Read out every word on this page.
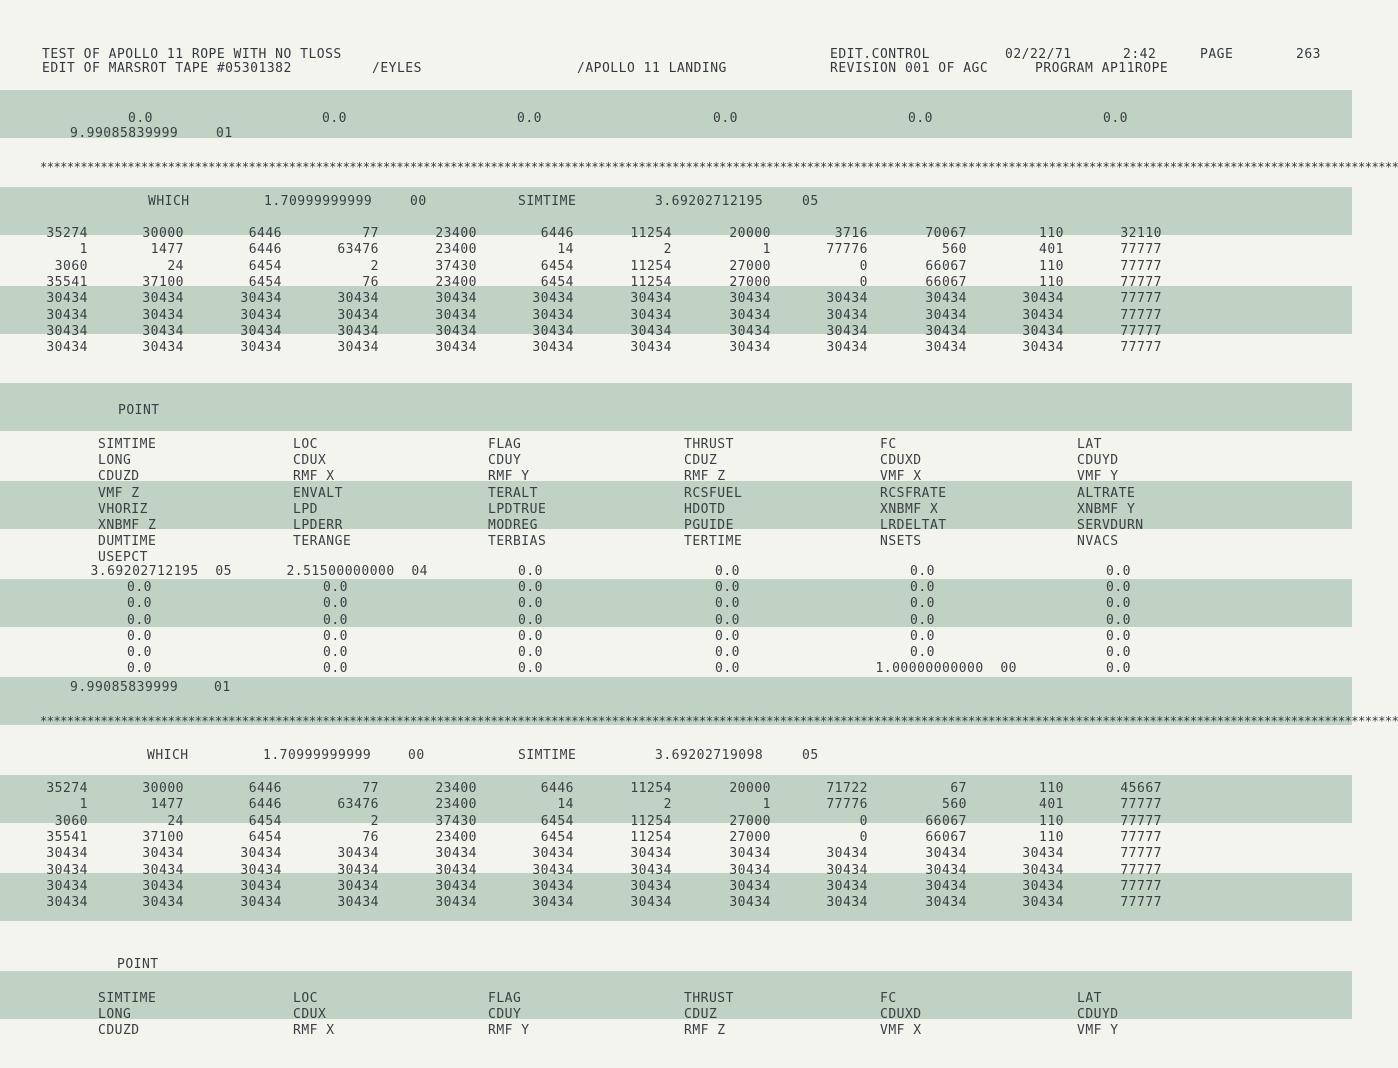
TEST OF APOLLO 11 ROPE WITH NO TLOSS
EDIT OF MARSROT TAPE #05301382	/EYLES	/APOLLO 11 LANDING
EDIT.CONTROL
REVISION 001 OF AGC
02/22/71	2:42
PROGRAM AP11ROPE
PAGE	263
0.0	0.0	0.0	0.0	0.0	0.0
9.99085839999	01
**********************************************************************************************************************************************************************************************************
**********************************************************************************************************************************************************************************************************
WHICH	1.70999999999	00	SIMTIME	3.69202712195	05
35274	30000	6446	77	23400	6446	11254	20000	3716	70067	110	32110
1	1477	6446	63476	23400	14	2	1	77776	560	401	77777
3060	24	6454	2	37430	6454	11254	27000	0	66067	110	77777
35541	37100	6454	76	23400	6454	11254	27000	0	66067	110	77777
30434	30434	30434	30434	30434	30434	30434	30434	30434	30434	30434	77777
30434	30434	30434	30434	30434	30434	30434	30434	30434	30434	30434	77777
30434	30434	30434	30434	30434	30434	30434	30434	30434	30434	30434	77777
30434	30434	30434	30434	30434	30434	30434	30434	30434	30434	30434	77777
POINT
SIMTIME	LOC	FLAG	THRUST	FC	LAT
LONG	CDUX	CDUY	CDUZ	CDUXD	CDUYD
CDUZD	RMF X	RMF Y	RMF Z	VMF X	VMF Y
VMF Z	ENVALT	TERALT	RCSFUEL	RCSFRATE	ALTRATE
VHORIZ	LPD	LPDTRUE	HDOTD	XNBMF X	XNBMF Y
XNBMF Z	LPDERR	MODREG	PGUIDE	LRDELTAT	SERVDURN
DUMTIME	TERANGE	TERBIAS	TERTIME	NSETS	NVACS
USEPCT
3.69202712195  05	2.51500000000  04	0.0	0.0	0.0	0.0
0.0	0.0	0.0	0.0	0.0	0.0
0.0	0.0	0.0	0.0	0.0	0.0
0.0	0.0	0.0	0.0	0.0	0.0
0.0	0.0	0.0	0.0	0.0	0.0
0.0	0.0	0.0	0.0	0.0	0.0
0.0	0.0	0.0	0.0	1.00000000000  00	0.0
9.99085839999	01
WHICH	1.70999999999	00	SIMTIME	3.69202719098	05
35274	30000	6446	77	23400	6446	11254	20000	71722	67	110	45667
1	1477	6446	63476	23400	14	2	1	77776	560	401	77777
3060	24	6454	2	37430	6454	11254	27000	0	66067	110	77777
35541	37100	6454	76	23400	6454	11254	27000	0	66067	110	77777
30434	30434	30434	30434	30434	30434	30434	30434	30434	30434	30434	77777
30434	30434	30434	30434	30434	30434	30434	30434	30434	30434	30434	77777
30434	30434	30434	30434	30434	30434	30434	30434	30434	30434	30434	77777
30434	30434	30434	30434	30434	30434	30434	30434	30434	30434	30434	77777
POINT
SIMTIME	LOC	FLAG	THRUST	FC	LAT
LONG	CDUX	CDUY	CDUZ	CDUXD	CDUYD
CDUZD	RMF X	RMF Y	RMF Z	VMF X	VMF Y
